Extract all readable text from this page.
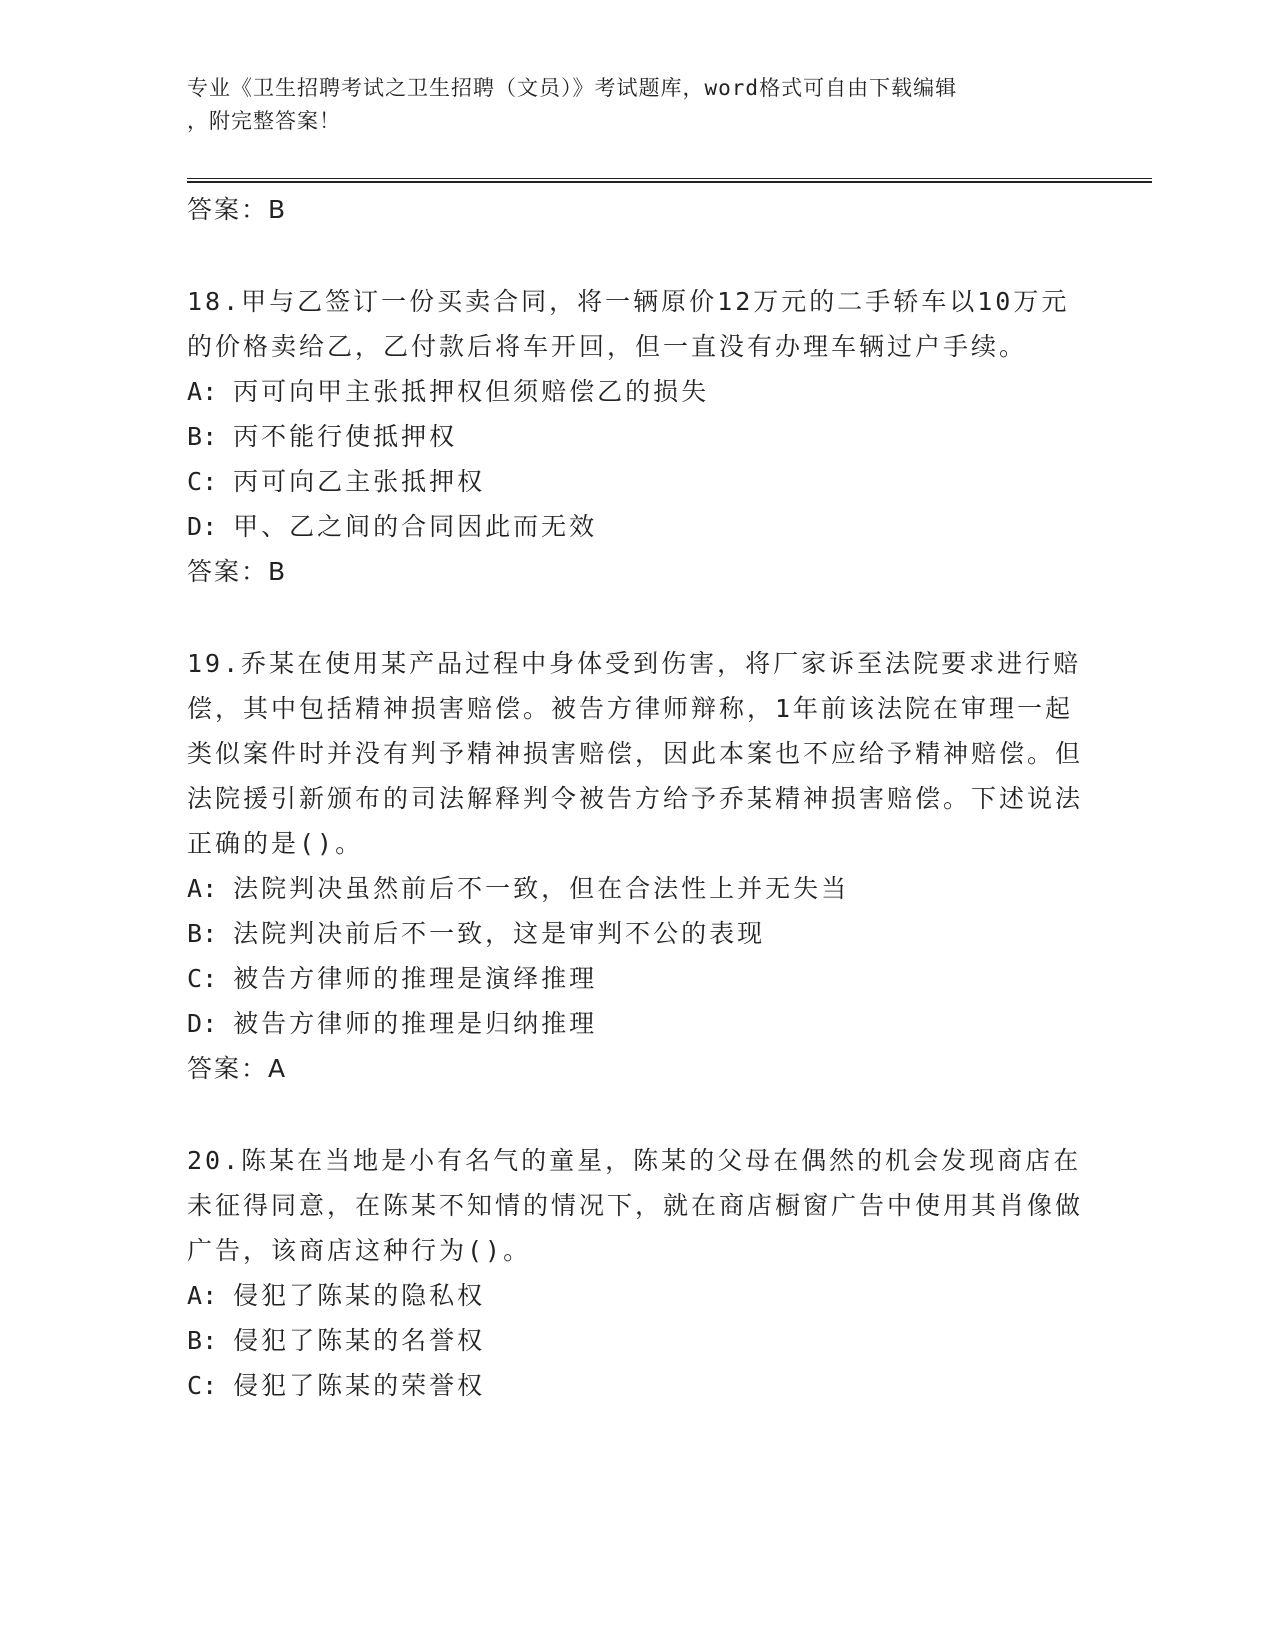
专业《卫生招聘考试之卫生招聘（文员）》考试题库，word格式可自由下载编辑
，附完整答案！
答案：B
18.甲与乙签订一份买卖合同，将一辆原价12万元的二手轿车以10万元的价格卖给乙，乙付款后将车开回，但一直没有办理车辆过户手续。
A: 丙可向甲主张抵押权但须赔偿乙的损失
B: 丙不能行使抵押权
C: 丙可向乙主张抵押权
D: 甲、乙之间的合同因此而无效
答案：B
19.乔某在使用某产品过程中身体受到伤害，将厂家诉至法院要求进行赔偿，其中包括精神损害赔偿。被告方律师辩称，1年前该法院在审理一起类似案件时并没有判予精神损害赔偿，因此本案也不应给予精神赔偿。但法院援引新颁布的司法解释判令被告方给予乔某精神损害赔偿。下述说法正确的是()。
A: 法院判决虽然前后不一致，但在合法性上并无失当
B: 法院判决前后不一致，这是审判不公的表现
C: 被告方律师的推理是演绎推理
D: 被告方律师的推理是归纳推理
答案：A
20.陈某在当地是小有名气的童星，陈某的父母在偶然的机会发现商店在未征得同意，在陈某不知情的情况下，就在商店橱窗广告中使用其肖像做广告，该商店这种行为()。
A: 侵犯了陈某的隐私权
B: 侵犯了陈某的名誉权
C: 侵犯了陈某的荣誉权
